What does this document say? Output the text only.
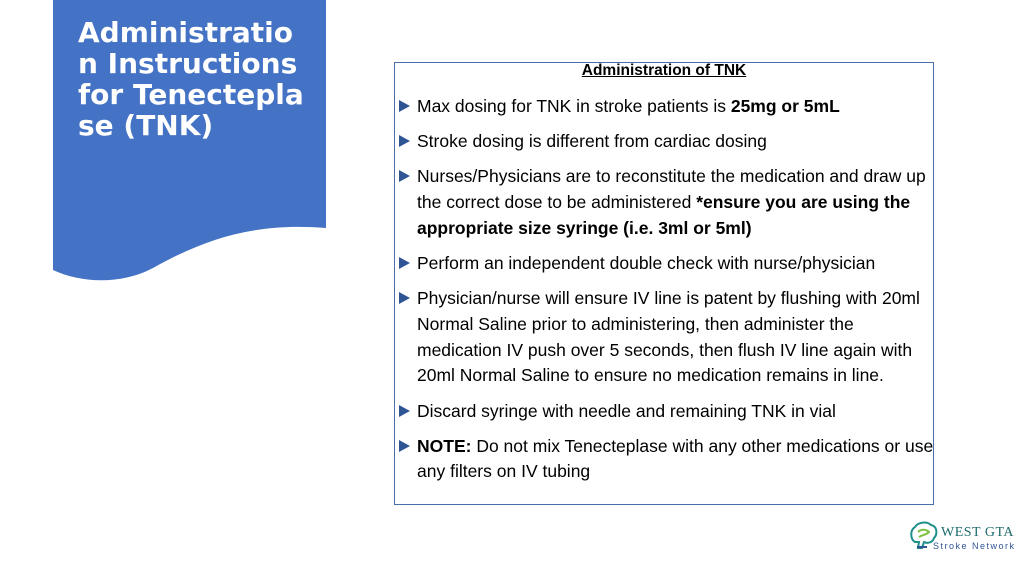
Administration Instructions for Tenecteplase (TNK)
Administration of TNK
Max dosing for TNK in stroke patients is 25mg or 5mL
Stroke dosing is different from cardiac dosing
Nurses/Physicians are to reconstitute the medication and draw up the correct dose to be administered *ensure you are using the appropriate size syringe (i.e. 3ml or 5ml)
Perform an independent double check with nurse/physician
Physician/nurse will ensure IV line is patent by flushing with 20ml Normal Saline prior to administering, then administer the medication IV push over 5 seconds, then flush IV line again with 20ml Normal Saline to ensure no medication remains in line.
Discard syringe with needle and remaining TNK in vial
NOTE: Do not mix Tenecteplase with any other medications or use any filters on IV tubing
WEST GTA
Stroke Network
